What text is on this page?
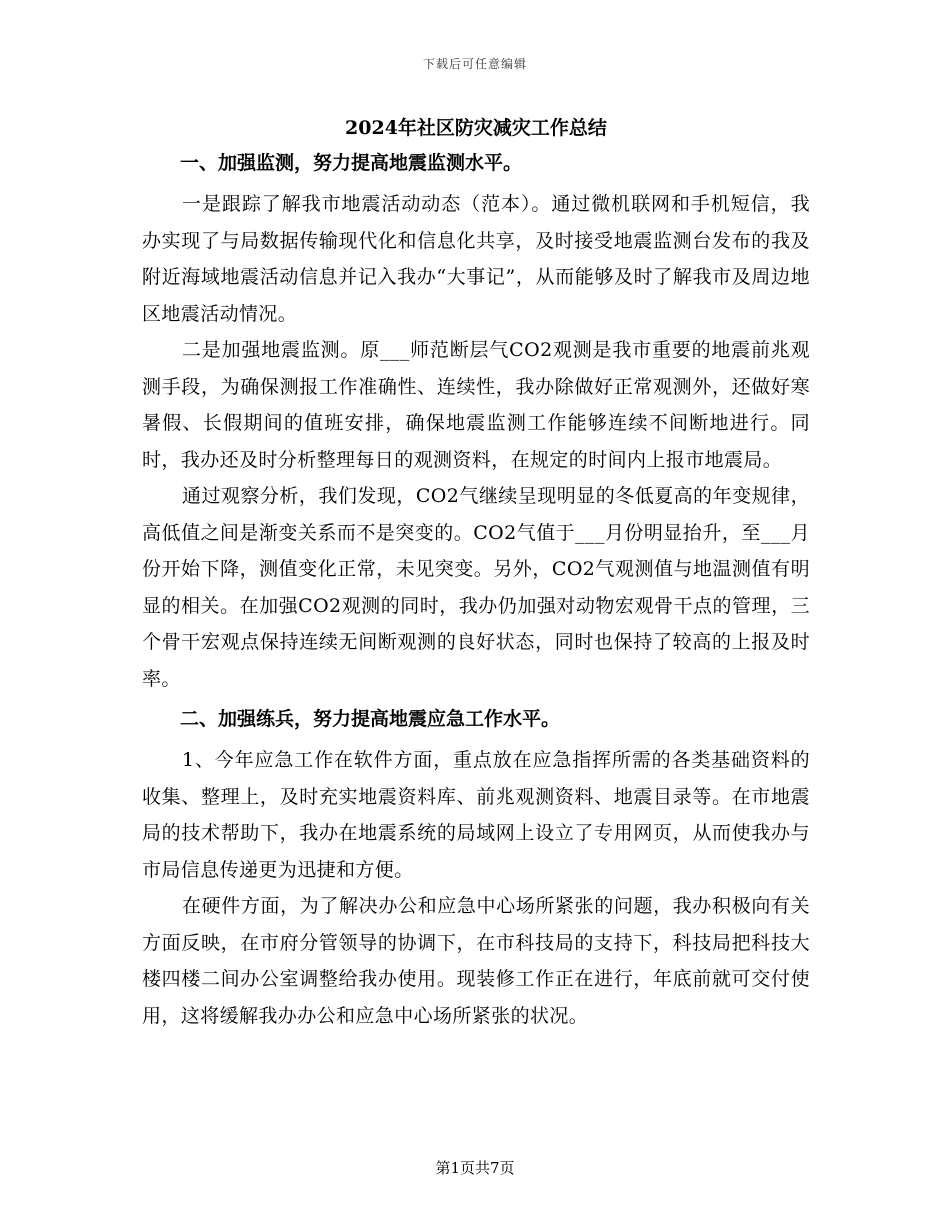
下载后可任意编辑
2024年社区防灾减灾工作总结
一、加强监测，努力提高地震监测水平。

一是跟踪了解我市地震活动动态（范本）。通过微机联网和手机短信，我办实现了与局数据传输现代化和信息化共享，及时接受地震监测台发布的我及附近海域地震活动信息并记入我办“大事记”，从而能够及时了解我市及周边地区地震活动情况。

二是加强地震监测。原___师范断层气CO2观测是我市重要的地震前兆观测手段，为确保测报工作准确性、连续性，我办除做好正常观测外，还做好寒暑假、长假期间的值班安排，确保地震监测工作能够连续不间断地进行。同时，我办还及时分析整理每日的观测资料，在规定的时间内上报市地震局。

通过观察分析，我们发现，CO2气继续呈现明显的冬低夏高的年变规律，高低值之间是渐变关系而不是突变的。CO2气值于___月份明显抬升，至___月份开始下降，测值变化正常，未见突变。另外，CO2气观测值与地温测值有明显的相关。在加强CO2观测的同时，我办仍加强对动物宏观骨干点的管理，三个骨干宏观点保持连续无间断观测的良好状态，同时也保持了较高的上报及时率。

二、加强练兵，努力提高地震应急工作水平。

1、今年应急工作在软件方面，重点放在应急指挥所需的各类基础资料的收集、整理上，及时充实地震资料库、前兆观测资料、地震目录等。在市地震局的技术帮助下，我办在地震系统的局域网上设立了专用网页，从而使我办与市局信息传递更为迅捷和方便。

在硬件方面，为了解决办公和应急中心场所紧张的问题，我办积极向有关方面反映，在市府分管领导的协调下，在市科技局的支持下，科技局把科技大楼四楼二间办公室调整给我办使用。现装修工作正在进行，年底前就可交付使用，这将缓解我办办公和应急中心场所紧张的状况。

第1页共7页
